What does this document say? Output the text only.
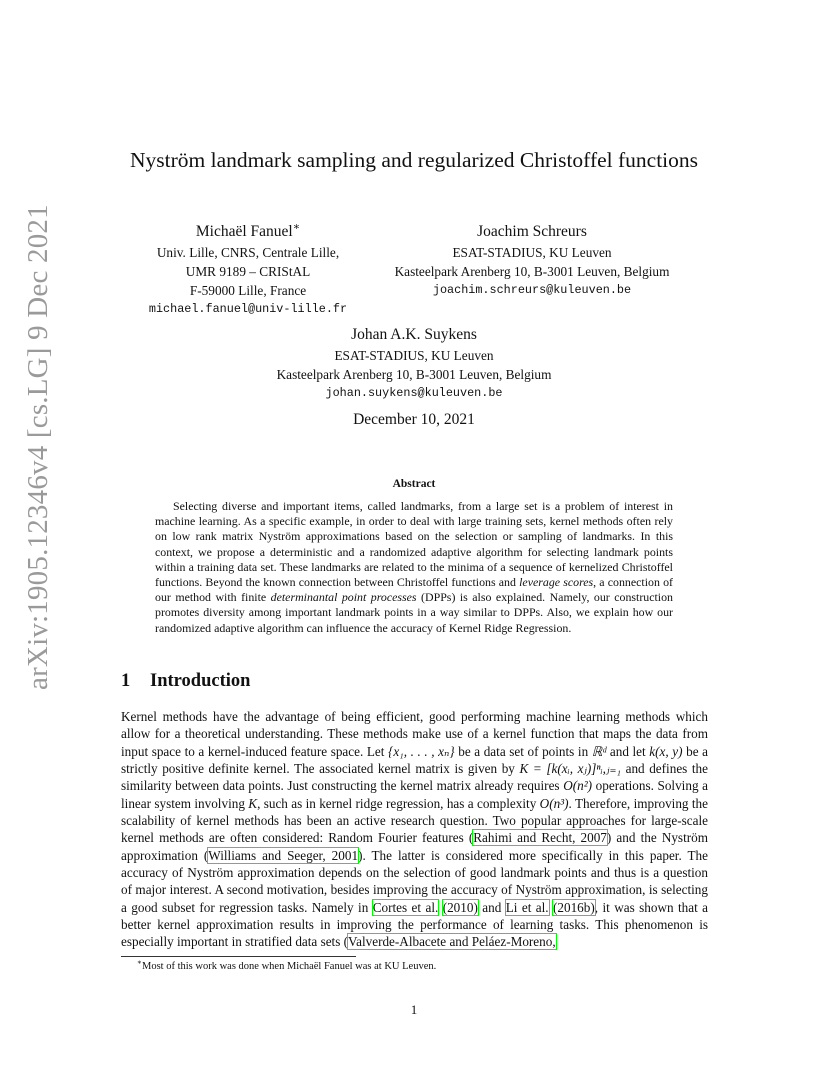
arXiv:1905.12346v4 [cs.LG] 9 Dec 2021
Nyström landmark sampling and regularized Christoffel functions
Michaël Fanuel∗
Univ. Lille, CNRS, Centrale Lille,
UMR 9189 – CRIStAL
F-59000 Lille, France
michael.fanuel@univ-lille.fr
Joachim Schreurs
ESAT-STADIUS, KU Leuven
Kasteelpark Arenberg 10, B-3001 Leuven, Belgium
joachim.schreurs@kuleuven.be
Johan A.K. Suykens
ESAT-STADIUS, KU Leuven
Kasteelpark Arenberg 10, B-3001 Leuven, Belgium
johan.suykens@kuleuven.be
December 10, 2021
Abstract
Selecting diverse and important items, called landmarks, from a large set is a problem of interest in machine learning. As a specific example, in order to deal with large training sets, kernel methods often rely on low rank matrix Nyström approximations based on the selection or sampling of landmarks. In this context, we propose a deterministic and a randomized adaptive algorithm for selecting landmark points within a training data set. These landmarks are related to the minima of a sequence of kernelized Christoffel functions. Beyond the known connection between Christoffel functions and leverage scores, a connection of our method with finite determinantal point processes (DPPs) is also explained. Namely, our construction promotes diversity among important landmark points in a way similar to DPPs. Also, we explain how our randomized adaptive algorithm can influence the accuracy of Kernel Ridge Regression.
1 Introduction
Kernel methods have the advantage of being efficient, good performing machine learning methods which allow for a theoretical understanding. These methods make use of a kernel function that maps the data from input space to a kernel-induced feature space. Let {x₁, . . . , xₙ} be a data set of points in ℝᵈ and let k(x, y) be a strictly positive definite kernel. The associated kernel matrix is given by K = [k(xᵢ, xⱼ)]ⁿᵢ,ⱼ₌₁ and defines the similarity between data points. Just constructing the kernel matrix already requires O(n²) operations. Solving a linear system involving K, such as in kernel ridge regression, has a complexity O(n³). Therefore, improving the scalability of kernel methods has been an active research question. Two popular approaches for large-scale kernel methods are often considered: Random Fourier features (Rahimi and Recht, 2007) and the Nyström approximation (Williams and Seeger, 2001). The latter is considered more specifically in this paper. The accuracy of Nyström approximation depends on the selection of good landmark points and thus is a question of major interest. A second motivation, besides improving the accuracy of Nyström approximation, is selecting a good subset for regression tasks. Namely in Cortes et al. (2010) and Li et al. (2016b), it was shown that a better kernel approximation results in improving the performance of learning tasks. This phenomenon is especially important in stratified data sets (Valverde-Albacete and Peláez-Moreno,
∗Most of this work was done when Michaël Fanuel was at KU Leuven.
1
